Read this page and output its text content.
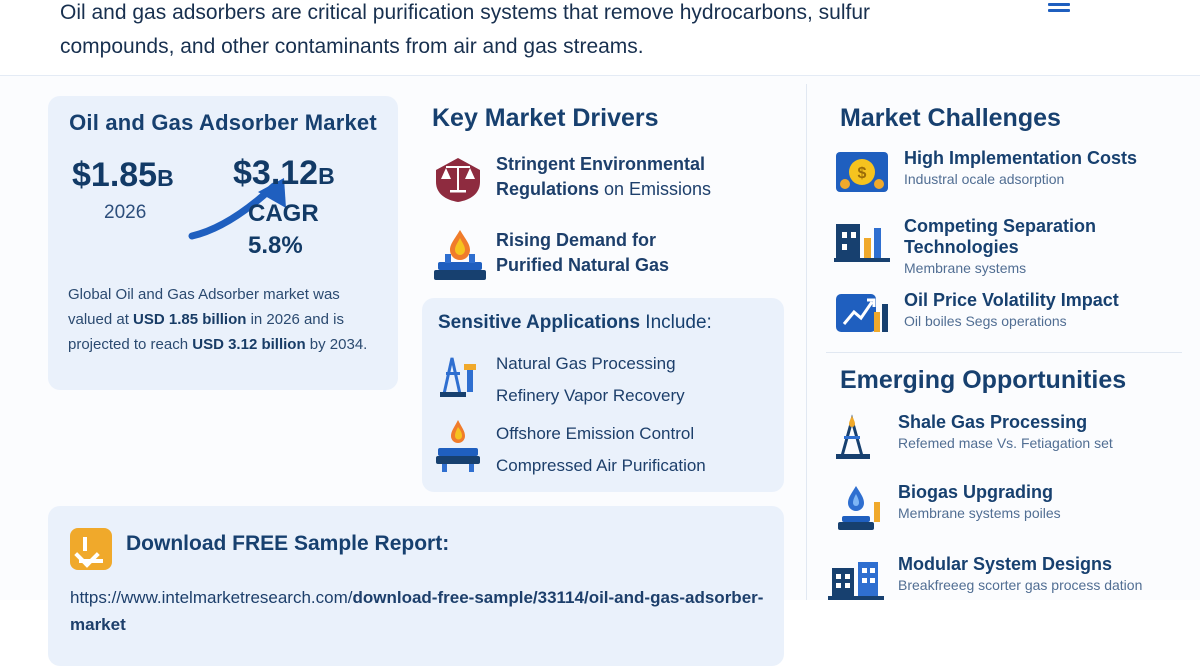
Oil and gas adsorbers are critical purification systems that remove hydrocarbons, sulfur compounds, and other contaminants from air and gas streams.
Oil and Gas Adsorber Market
$1.85B
2026
$3.12B
CAGR
5.8%
Global Oil and Gas Adsorber market was valued at USD 1.85 billion in 2026 and is projected to reach USD 3.12 billion by 2034.
Download FREE Sample Report:
https://www.intelmarketresearch.com/download-free-sample/33114/oil-and-gas-adsorber-market
Key Market Drivers
Stringent Environmental
Regulations on Emissions
Rising Demand for
Purified Natural Gas
Sensitive Applications Include:
Natural Gas Processing
Refinery Vapor Recovery
Offshore Emission Control
Compressed Air Purification
Market Challenges
$
High Implementation Costs
Industral ocale adsorption
Competing Separation
Technologies
Membrane systems
Oil Price Volatility Impact
Oil boiles Segs operations
Emerging Opportunities
Shale Gas Processing
Refemed mase Vs. Fetiagation set
Biogas Upgrading
Membrane systems poiles
Modular System Designs
Breakfreeeg scorter gas process dation
